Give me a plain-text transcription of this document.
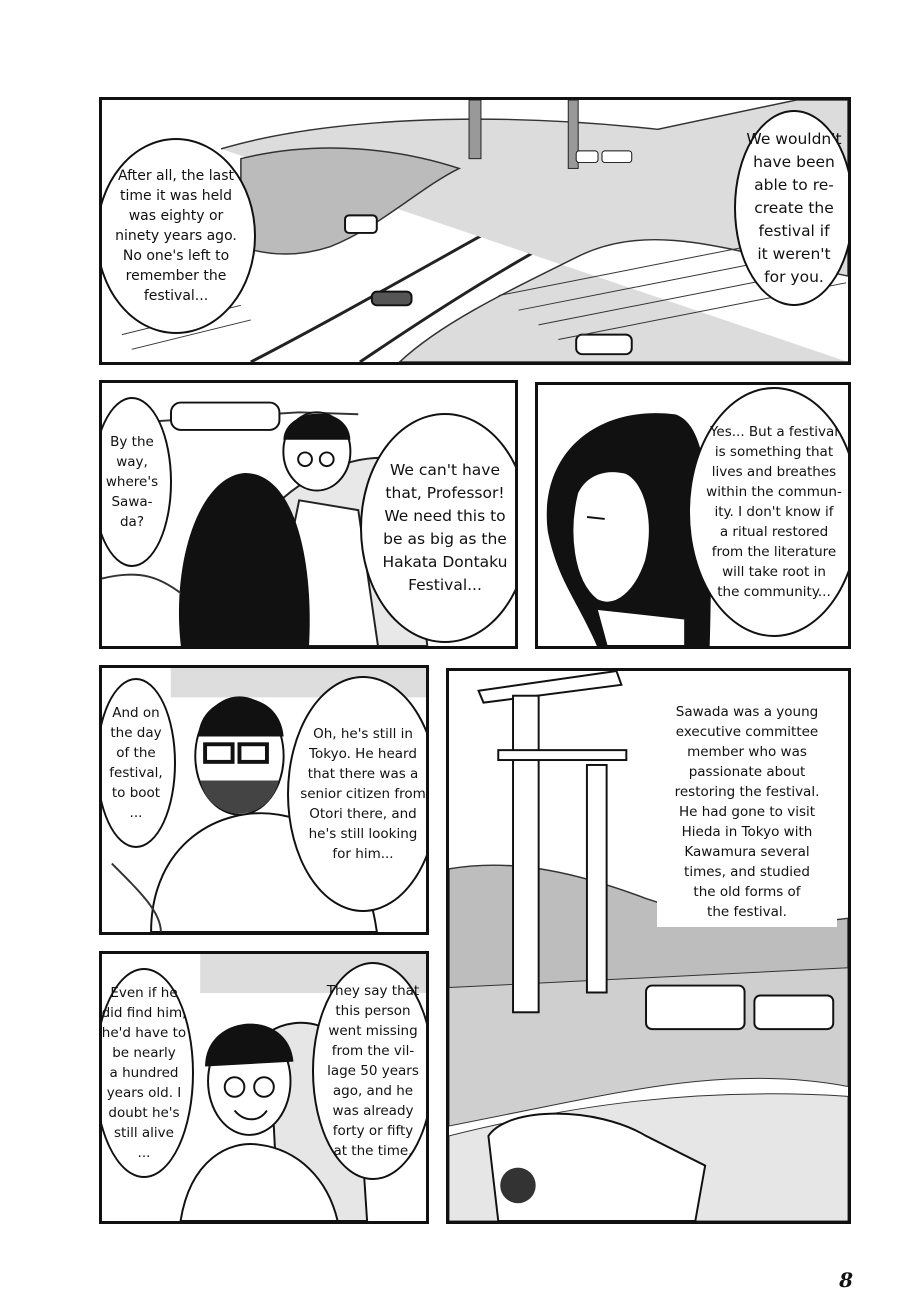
After all, the last
time it was held
was eighty or
ninety years ago.
No one's left to
remember the
festival...
We wouldn't
have been
able to re-
create the
festival if
it weren't
for you.
By the
way,
where's
Sawa-
da?
We can't have
that, Professor!
We need this to
be as big as the
Hakata Dontaku
Festival...
Yes... But a festival
is something that
lives and breathes
within the commun-
ity. I don't know if
a ritual restored
from the literature
will take root in
the community...
And on
the day
of the
festival,
to boot
...
Oh, he's still in
Tokyo. He heard
that there was a
senior citizen from
Otori there, and
he's still looking
for him...
Sawada was a young
executive committee
member who was
passionate about
restoring the festival.
He had gone to visit
Hieda in Tokyo with
Kawamura several
times, and studied
the old forms of
the festival.
Even if he
did find him,
he'd have to
be nearly
a hundred
years old. I
doubt he's
still alive
...
They say that
this person
went missing
from the vil-
lage 50 years
ago, and he
was already
forty or fifty
at the time.
8
